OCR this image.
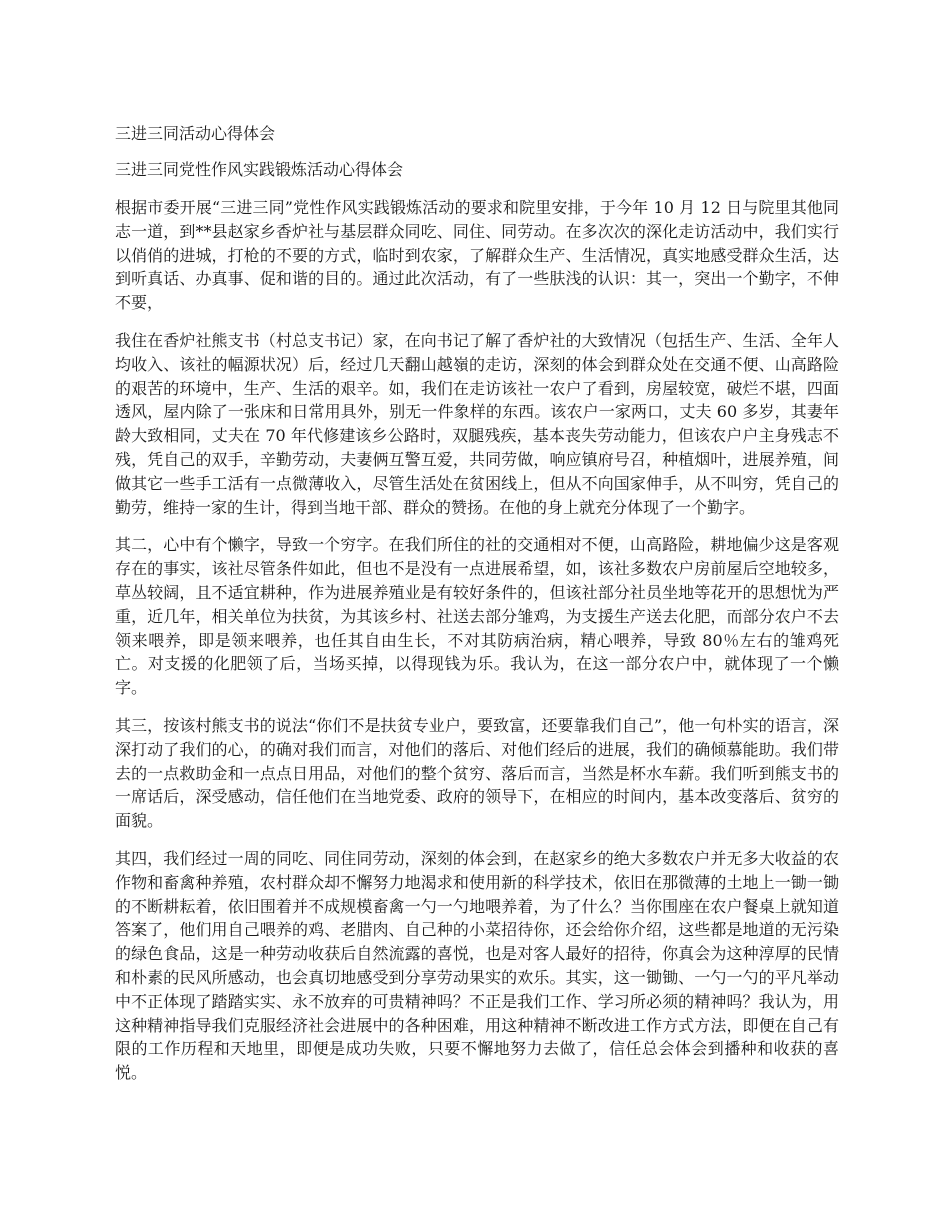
三进三同活动心得体会
三进三同党性作风实践锻炼活动心得体会

根据市委开展“三进三同”党性作风实践锻炼活动的要求和院里安排，于今年 10 月 12 日与院里其他同志一道，到**县赵家乡香炉社与基层群众同吃、同住、同劳动。在多次次的深化走访活动中，我们实行以俏俏的进城，打枪的不要的方式，临时到农家，了解群众生产、生活情况，真实地感受群众生活，达到听真话、办真事、促和谐的目的。通过此次活动，有了一些肤浅的认识：其一，突出一个勤字，不伸不要，

我住在香炉社熊支书（村总支书记）家，在向书记了解了香炉社的大致情况（包括生产、生活、全年人均收入、该社的幅源状况）后，经过几天翻山越嶺的走访，深刻的体会到群众处在交通不便、山高路险的艰苦的环境中，生产、生活的艰辛。如，我们在走访该社一农户了看到，房屋较宽，破烂不堪，四面透风，屋内除了一张床和日常用具外，别无一件象样的东西。该农户一家两口，丈夫 60 多岁，其妻年龄大致相同，丈夫在 70 年代修建该乡公路时，双腿残疾，基本丧失劳动能力，但该农户户主身残志不残，凭自己的双手，辛勤劳动，夫妻俩互警互爱，共同劳做，响应镇府号召，种植烟叶，进展养殖，间做其它一些手工活有一点微薄收入，尽管生活处在贫困线上，但从不向国家伸手，从不叫穷，凭自己的勤劳，维持一家的生计，得到当地干部、群众的赞扬。在他的身上就充分体现了一个勤字。

其二，心中有个懒字，导致一个穷字。在我们所住的社的交通相对不便，山高路险，耕地偏少这是客观存在的事实，该社尽管条件如此，但也不是没有一点进展希望，如，该社多数农户房前屋后空地较多，草丛较阔，且不适宜耕种，作为进展养殖业是有较好条件的，但该社部分社员坐地等花开的思想忧为严重，近几年，相关单位为扶贫，为其该乡村、社送去部分雏鸡，为支援生产送去化肥，而部分农户不去领来喂养，即是领来喂养，也任其自由生长，不对其防病治病，精心喂养，导致 80％左右的雏鸡死亡。对支援的化肥领了后，当场买掉，以得现钱为乐。我认为，在这一部分农户中，就体现了一个懒字。

其三，按该村熊支书的说法“你们不是扶贫专业户，要致富，还要靠我们自己”，他一句朴实的语言，深深打动了我们的心，的确对我们而言，对他们的落后、对他们经后的进展，我们的确倾慕能助。我们带去的一点救助金和一点点日用品，对他们的整个贫穷、落后而言，当然是杯水车薪。我们听到熊支书的一席话后，深受感动，信任他们在当地党委、政府的领导下，在相应的时间内，基本改变落后、贫穷的面貌。

其四，我们经过一周的同吃、同住同劳动，深刻的体会到，在赵家乡的绝大多数农户并无多大收益的农作物和畜禽种养殖，农村群众却不懈努力地渴求和使用新的科学技术，依旧在那微薄的土地上一锄一锄的不断耕耘着，依旧围着并不成规模畜禽一勺一勺地喂养着，为了什么？当你围座在农户餐桌上就知道答案了，他们用自己喂养的鸡、老腊肉、自己种的小菜招待你，还会给你介绍，这些都是地道的无污染的绿色食品，这是一种劳动收获后自然流露的喜悦，也是对客人最好的招待，你真会为这种淳厚的民情和朴素的民风所感动，也会真切地感受到分享劳动果实的欢乐。其实，这一锄锄、一勺一勺的平凡举动中不正体现了踏踏实实、永不放弃的可贵精神吗？不正是我们工作、学习所必须的精神吗？我认为，用这种精神指导我们克服经济社会进展中的各种困难，用这种精神不断改进工作方式方法，即便在自己有限的工作历程和天地里，即便是成功失败，只要不懈地努力去做了，信任总会体会到播种和收获的喜悦。
